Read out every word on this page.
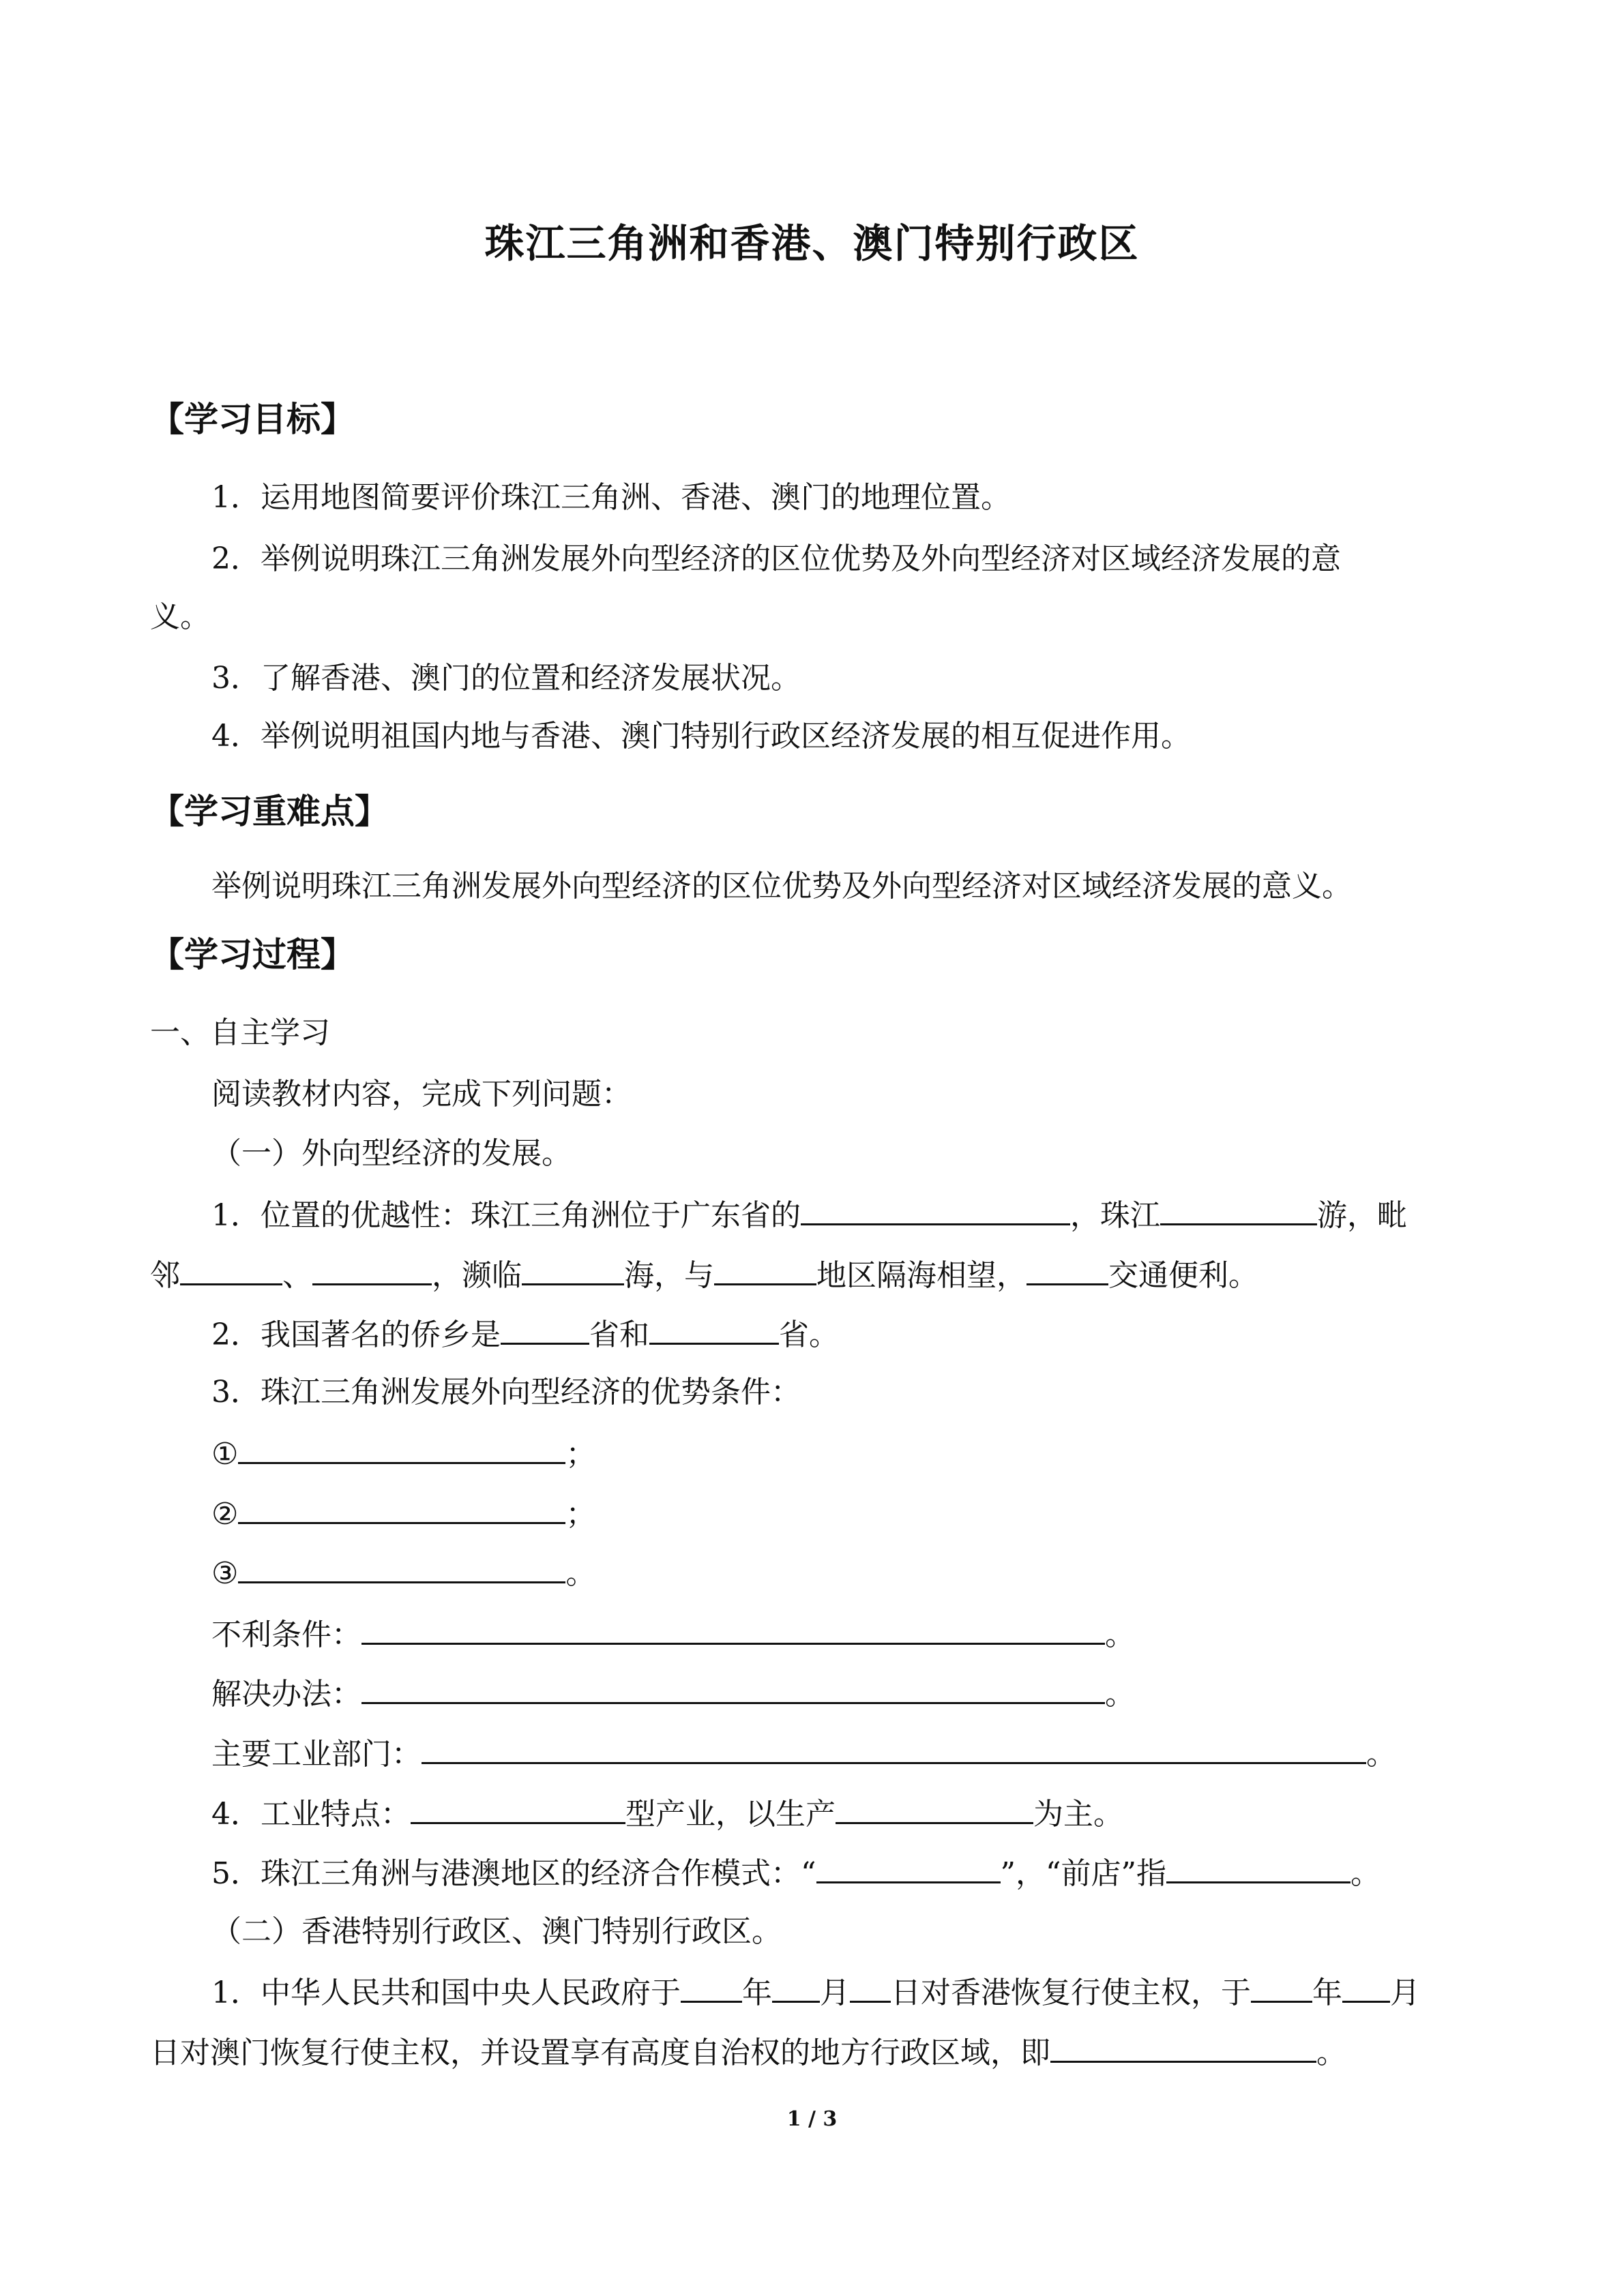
珠江三角洲和香港、澳门特别行政区
【学习目标】
1．运用地图简要评价珠江三角洲、香港、澳门的地理位置。
2．举例说明珠江三角洲发展外向型经济的区位优势及外向型经济对区域经济发展的意
义。
3．了解香港、澳门的位置和经济发展状况。
4．举例说明祖国内地与香港、澳门特别行政区经济发展的相互促进作用。
【学习重难点】
举例说明珠江三角洲发展外向型经济的区位优势及外向型经济对区域经济发展的意义。
【学习过程】
一、自主学习
阅读教材内容，完成下列问题：
（一）外向型经济的发展。
1．位置的优越性：珠江三角洲位于广东省的	，珠江	游，毗
邻	、	，濒临	海，与	地区隔海相望，	交通便利。
2．我国著名的侨乡是	省和	省。
3．珠江三角洲发展外向型经济的优势条件：
①	；
②	；
③	。
不利条件：	。
解决办法：	。
主要工业部门：	。
4．工业特点：	型产业，以生产	为主。
5．珠江三角洲与港澳地区的经济合作模式：“	”，“前店”指	。
（二）香港特别行政区、澳门特别行政区。
1．中华人民共和国中央人民政府于 年 月 日对香港恢复行使主权，于 年 月
日对澳门恢复行使主权，并设置享有高度自治权的地方行政区域，即	。
1 / 3
